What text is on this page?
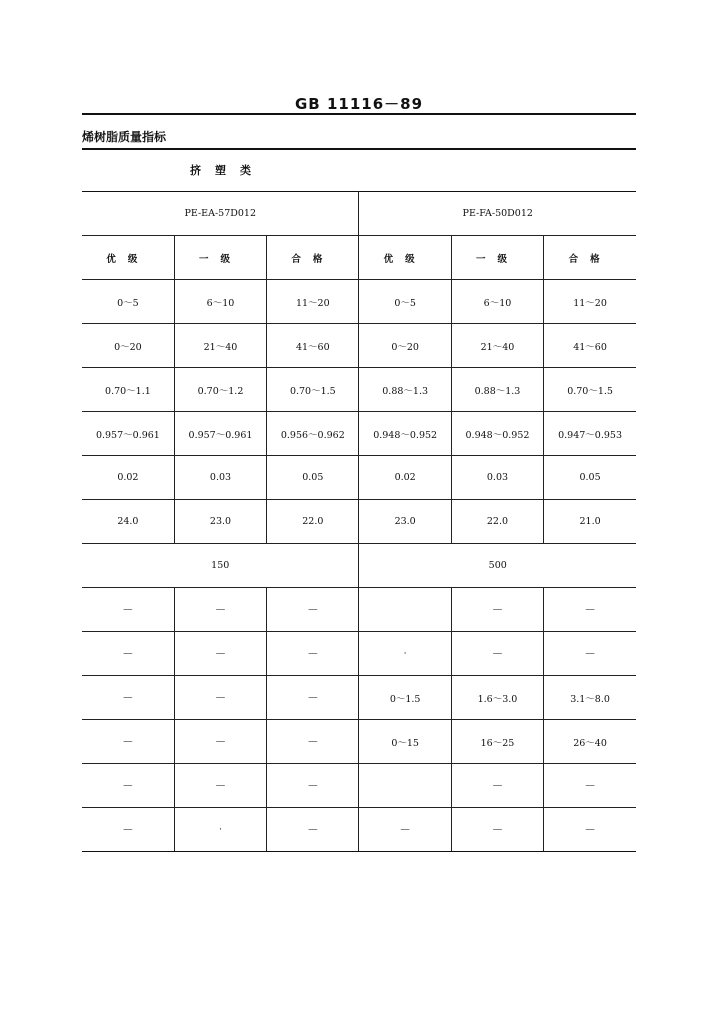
GB 11116－89
烯树脂质量指标
挤塑类
PE-EA-57D012			PE-FA-50D012		
优级	一级	合格	优级	一级	合格
0～5	6～10	11～20	0～5	6～10	11～20
0～20	21～40	41～60	0～20	21～40	41～60
0.70～1.1	0.70～1.2	0.70～1.5	0.88～1.3	0.88～1.3	0.70～1.5
0.957～0.961	0.957～0.961	0.956～0.962	0.948～0.952	0.948～0.952	0.947～0.953
0.02	0.03	0.05	0.02	0.03	0.05
24.0	23.0	22.0	23.0	22.0	21.0
150			500		
—	—	—		—	—
—	—	—	·	—	—
—	—	—	0～1.5	1.6～3.0	3.1～8.0
—	—	—	0～15	16～25	26～40
—	—	—		—	—
—	·	—	—	—	—
